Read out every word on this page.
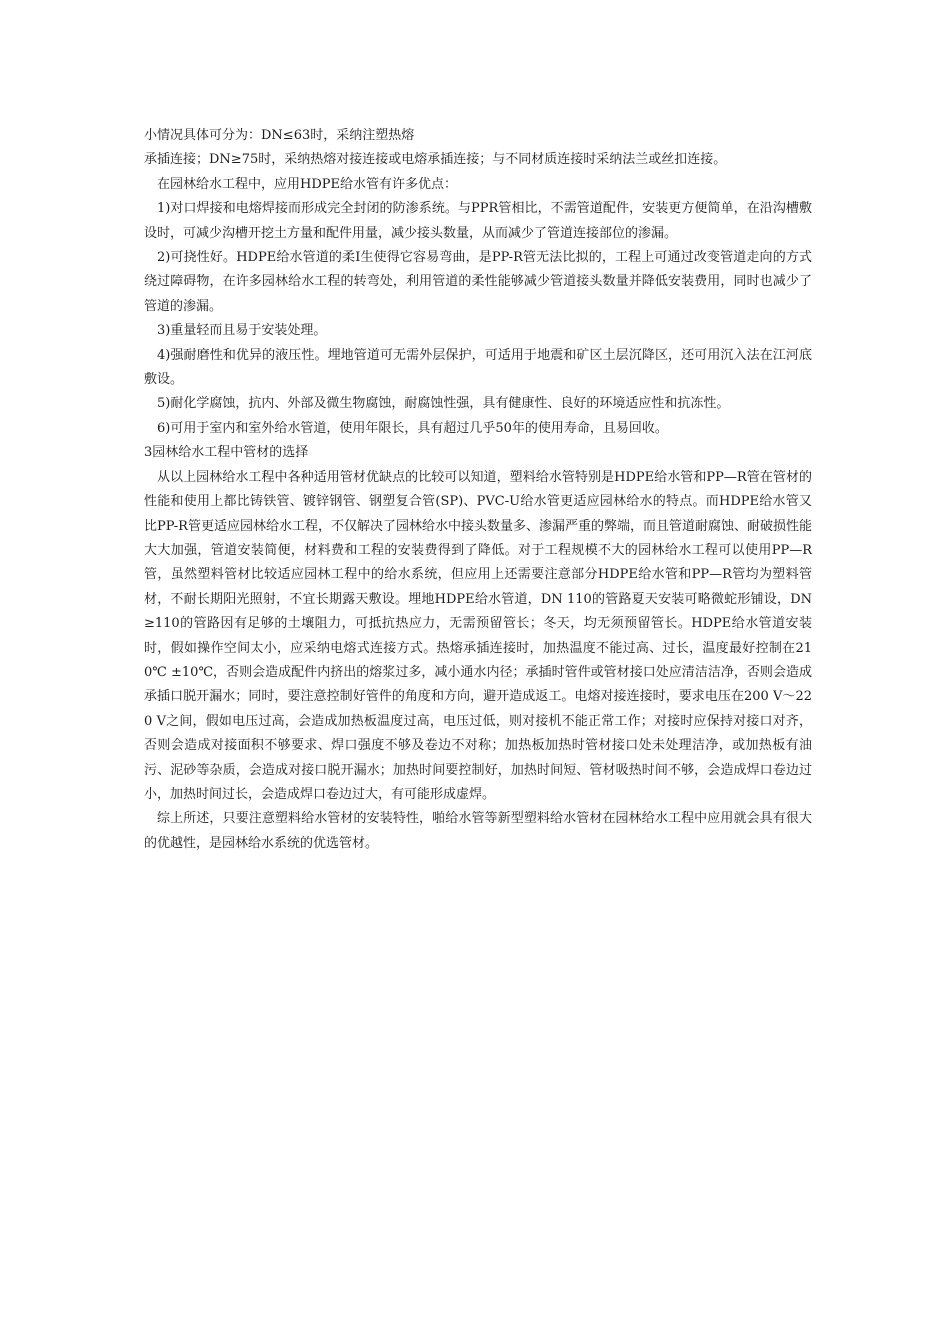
小情况具体可分为：DN≤63时，采纳注塑热熔

承插连接；DN≥75时，采纳热熔对接连接或电熔承插连接；与不同材质连接时采纳法兰或丝扣连接。

在园林给水工程中，应用HDPE给水管有许多优点：

1)对口焊接和电熔焊接而形成完全封闭的防渗系统。与PPR管相比，不需管道配件，安装更方便简单，在沿沟槽敷设时，可减少沟槽开挖土方量和配件用量，减少接头数量，从而减少了管道连接部位的渗漏。

2)可挠性好。HDPE给水管道的柔I生使得它容易弯曲，是PP-R管无法比拟的，工程上可通过改变管道走向的方式绕过障碍物，在许多园林给水工程的转弯处，利用管道的柔性能够减少管道接头数量并降低安装费用，同时也减少了管道的渗漏。

3)重量轻而且易于安装处理。

4)强耐磨性和优异的液压性。埋地管道可无需外层保护，可适用于地震和矿区土层沉降区，还可用沉入法在江河底敷设。

5)耐化学腐蚀，抗内、外部及微生物腐蚀，耐腐蚀性强，具有健康性、良好的环境适应性和抗冻性。

6)可用于室内和室外给水管道，使用年限长，具有超过几乎50年的使用寿命，且易回收。

3园林给水工程中管材的选择

从以上园林给水工程中各种适用管材优缺点的比较可以知道，塑料给水管特别是HDPE给水管和PP—R管在管材的性能和使用上都比铸铁管、镀锌钢管、钢塑复合管(SP)、PVC-U给水管更适应园林给水的特点。而HDPE给水管又比PP-R管更适应园林给水工程，不仅解决了园林给水中接头数量多、渗漏严重的弊端，而且管道耐腐蚀、耐破损性能大大加强，管道安装简便，材料费和工程的安装费得到了降低。对于工程规模不大的园林给水工程可以使用PP—R管，虽然塑料管材比较适应园林工程中的给水系统，但应用上还需要注意部分HDPE给水管和PP—R管均为塑料管材，不耐长期阳光照射，不宜长期露天敷设。埋地HDPE给水管道，DN 110的管路夏天安装可略微蛇形铺设，DN≥110的管路因有足够的土壤阻力，可抵抗热应力，无需预留管长；冬天，均无须预留管长。HDPE给水管道安装时，假如操作空间太小，应采纳电熔式连接方式。热熔承插连接时，加热温度不能过高、过长，温度最好控制在210℃ ±10℃，否则会造成配件内挤出的熔浆过多，减小通水内径；承插时管件或管材接口处应清洁洁净，否则会造成承插口脱开漏水；同时，要注意控制好管件的角度和方向，避开造成返工。电熔对接连接时，要求电压在200 V～220 V之间，假如电压过高，会造成加热板温度过高，电压过低，则对接机不能正常工作；对接时应保持对接口对齐，否则会造成对接面积不够要求、焊口强度不够及卷边不对称；加热板加热时管材接口处未处理洁净，或加热板有油污、泥砂等杂质，会造成对接口脱开漏水；加热时间要控制好，加热时间短、管材吸热时间不够，会造成焊口卷边过小，加热时间过长，会造成焊口卷边过大，有可能形成虚焊。

综上所述，只要注意塑料给水管材的安装特性，啪给水管等新型塑料给水管材在园林给水工程中应用就会具有很大的优越性，是园林给水系统的优选管材。
